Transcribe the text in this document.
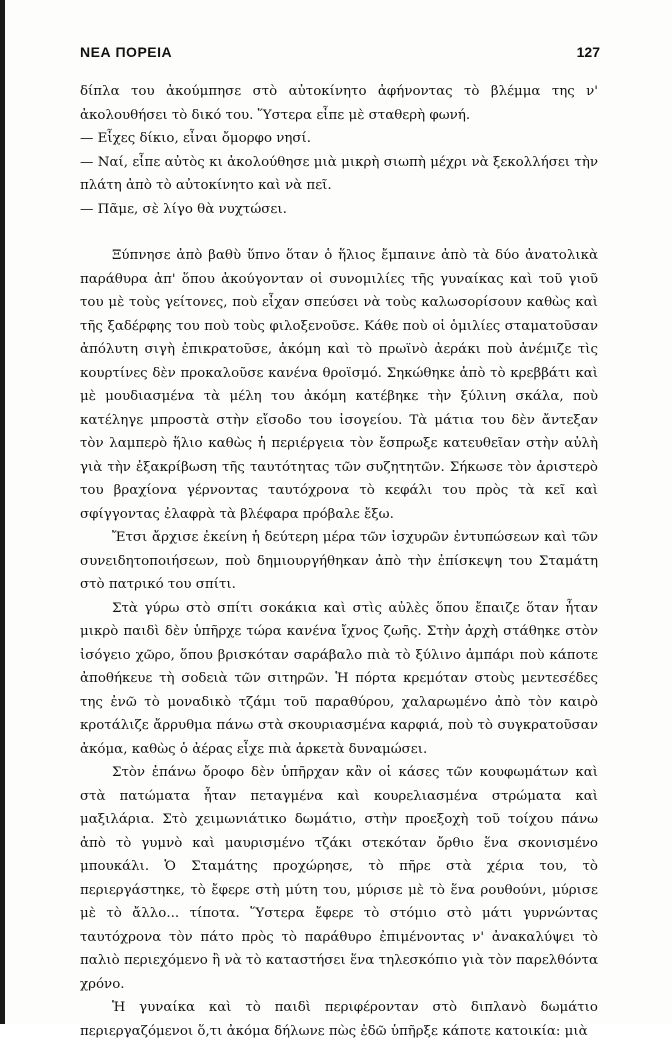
ΝΕΑ ΠΟΡΕΙΑ	127

δίπλα του ἀκούμπησε στὸ αὐτοκίνητο ἀφήνοντας τὸ βλέμμα της ν' ἀκολουθήσει τὸ δικό του. Ὕστερα εἶπε μὲ σταθερὴ φωνή.

— Εἶχες δίκιο, εἶναι ὄμορφο νησί.

— Ναί, εἶπε αὐτὸς κι ἀκολούθησε μιὰ μικρὴ σιωπὴ μέχρι νὰ ξεκολλήσει τὴν πλάτη ἀπὸ τὸ αὐτοκίνητο καὶ νὰ πεῖ.

— Πᾶμε, σὲ λίγο θὰ νυχτώσει.

Ξύπνησε ἀπὸ βαθὺ ὕπνο ὅταν ὁ ἥλιος ἔμπαινε ἀπὸ τὰ δύο ἀνατολικὰ παράθυρα ἀπ' ὅπου ἀκούγονταν οἱ συνομιλίες τῆς γυναίκας καὶ τοῦ γιοῦ του μὲ τοὺς γείτονες, ποὺ εἶχαν σπεύσει νὰ τοὺς καλωσορίσουν καθὼς καὶ τῆς ξαδέρφης του ποὺ τοὺς φιλοξενοῦσε. Κάθε ποὺ οἱ ὁμιλίες σταματοῦσαν ἀπόλυτη σιγὴ ἐπικρατοῦσε, ἀκόμη καὶ τὸ πρωϊνὸ ἀεράκι ποὺ ἀνέμιζε τὶς κουρτίνες δὲν προκαλοῦσε κανένα θροϊσμό. Σηκώθηκε ἀπὸ τὸ κρεββάτι καὶ μὲ μουδιασμένα τὰ μέλη του ἀκόμη κατέβηκε τὴν ξύλινη σκάλα, ποὺ κατέληγε μπροστὰ στὴν εἴσοδο του ἰσογείου. Τὰ μάτια του δὲν ἄντεξαν τὸν λαμπερὸ ἥλιο καθὼς ἡ περιέργεια τὸν ἔσπρωξε κατευθεῖαν στὴν αὐλὴ γιὰ τὴν ἐξακρίβωση τῆς ταυτότητας τῶν συζητητῶν. Σήκωσε τὸν ἀριστερὸ του βραχίονα γέρνοντας ταυτόχρονα τὸ κεφάλι του πρὸς τὰ κεῖ καὶ σφίγγοντας ἐλαφρὰ τὰ βλέφαρα πρόβαλε ἔξω.

Ἔτσι ἄρχισε ἐκείνη ἡ δεύτερη μέρα τῶν ἰσχυρῶν ἐντυπώσεων καὶ τῶν συνειδητοποιήσεων, ποὺ δημιουργήθηκαν ἀπὸ τὴν ἐπίσκεψη του Σταμάτη στὸ πατρικό του σπίτι.

Στὰ γύρω στὸ σπίτι σοκάκια καὶ στὶς αὐλὲς ὅπου ἔπαιζε ὅταν ἦταν μικρὸ παιδὶ δὲν ὑπῆρχε τώρα κανένα ἴχνος ζωῆς. Στὴν ἀρχὴ στάθηκε στὸν ἰσόγειο χῶρο, ὅπου βρισκόταν σαράβαλο πιὰ τὸ ξύλινο ἀμπάρι ποὺ κάποτε ἀποθήκευε τὴ σοδειὰ τῶν σιτηρῶν. Ἡ πόρτα κρεμόταν στοὺς μεντεσέδες της ἐνῶ τὸ μοναδικὸ τζάμι τοῦ παραθύρου, χαλαρωμένο ἀπὸ τὸν καιρὸ κροτάλιζε ἄρρυθμα πάνω στὰ σκουριασμένα καρφιά, ποὺ τὸ συγκρατοῦσαν ἀκόμα, καθὼς ὁ ἀέρας εἶχε πιὰ ἀρκετὰ δυναμώσει.

Στὸν ἐπάνω ὄροφο δὲν ὑπῆρχαν κἂν οἱ κάσες τῶν κουφωμάτων καὶ στὰ πατώματα ἦταν πεταγμένα καὶ κουρελιασμένα στρώματα καὶ μαξιλάρια. Στὸ χειμωνιάτικο δωμάτιο, στὴν προεξοχὴ τοῦ τοίχου πάνω ἀπὸ τὸ γυμνὸ καὶ μαυρισμένο τζάκι στεκόταν ὄρθιο ἕνα σκονισμένο μπουκάλι. Ὁ Σταμάτης προχώρησε, τὸ πῆρε στὰ χέρια του, τὸ περιεργάστηκε, τὸ ἔφερε στὴ μύτη του, μύρισε μὲ τὸ ἕνα ρουθούνι, μύρισε μὲ τὸ ἄλλο... τίποτα. Ὕστερα ἔφερε τὸ στόμιο στὸ μάτι γυρνώντας ταυτόχρονα τὸν πάτο πρὸς τὸ παράθυρο ἐπιμένοντας ν' ἀνακαλύψει τὸ παλιὸ περιεχόμενο ἢ νὰ τὸ καταστήσει ἕνα τηλεσκόπιο γιὰ τὸν παρελθόντα χρόνο.

Ἡ γυναίκα καὶ τὸ παιδὶ περιφέρονταν στὸ διπλανὸ δωμάτιο περιεργαζόμενοι ὅ,τι ἀκόμα δήλωνε πὼς ἐδῶ ὑπῆρξε κάποτε κατοικία: μιὰ
